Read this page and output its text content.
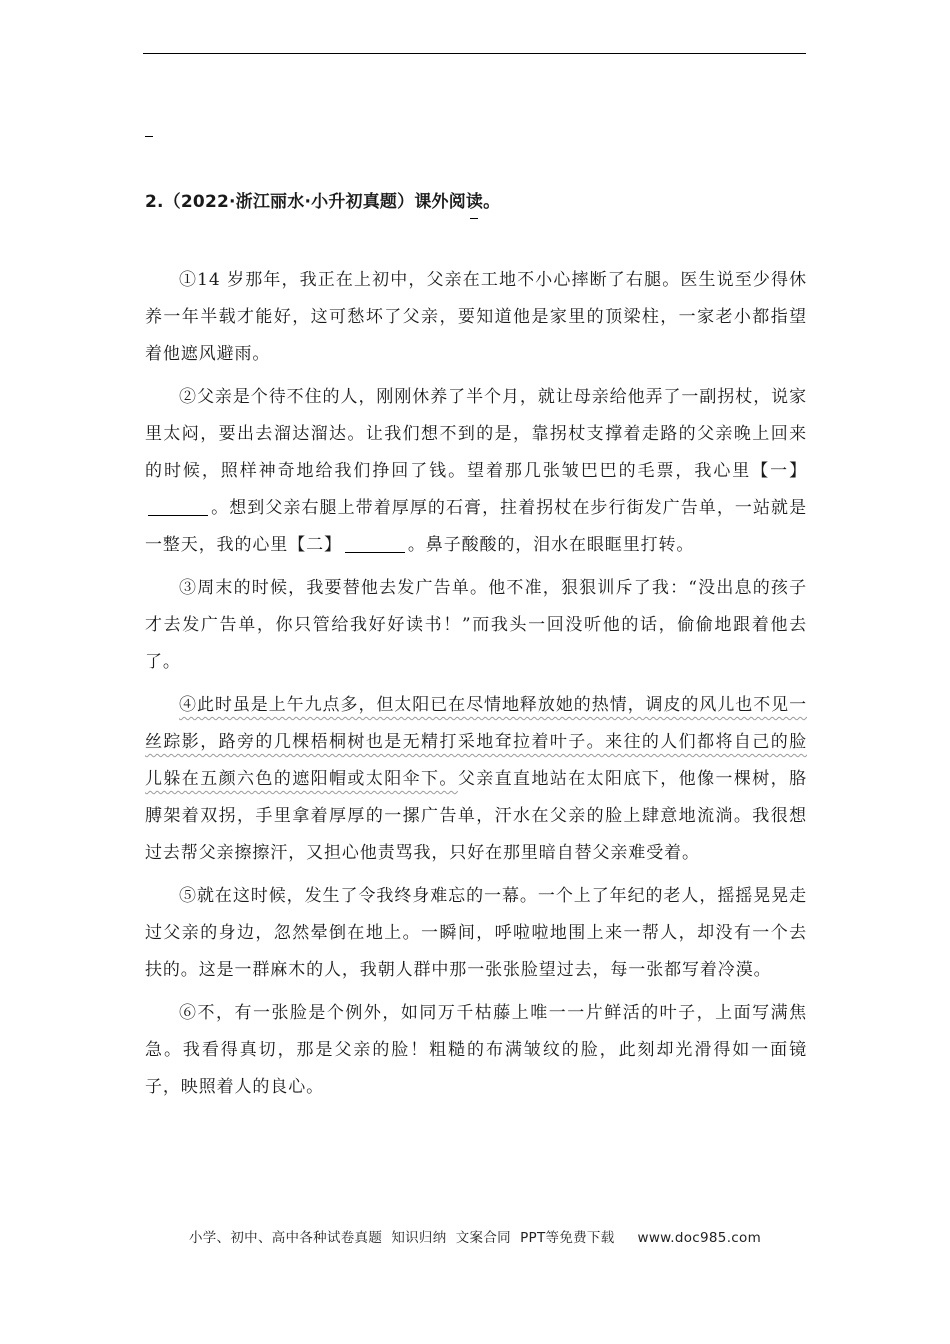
2.（2022·浙江丽水·小升初真题）课外阅读。

①14 岁那年，我正在上初中，父亲在工地不小心摔断了右腿。医生说至少得休养一年半载才能好，这可愁坏了父亲，要知道他是家里的顶梁柱，一家老小都指望着他遮风避雨。

②父亲是个待不住的人，刚刚休养了半个月，就让母亲给他弄了一副拐杖，说家里太闷，要出去溜达溜达。让我们想不到的是，靠拐杖支撑着走路的父亲晚上回来的时候，照样神奇地给我们挣回了钱。望着那几张皱巴巴的毛票，我心里【一】。想到父亲右腿上带着厚厚的石膏，拄着拐杖在步行街发广告单，一站就是一整天，我的心里【二】	。鼻子酸酸的，泪水在眼眶里打转。

③周末的时候，我要替他去发广告单。他不准，狠狠训斥了我：“没出息的孩子才去发广告单，你只管给我好好读书！”而我头一回没听他的话，偷偷地跟着他去了。

④此时虽是上午九点多，但太阳已在尽情地释放她的热情，调皮的风儿也不见一丝踪影，路旁的几棵梧桐树也是无精打采地耷拉着叶子。来往的人们都将自己的脸儿躲在五颜六色的遮阳帽或太阳伞下。父亲直直地站在太阳底下，他像一棵树，胳膊架着双拐，手里拿着厚厚的一摞广告单，汗水在父亲的脸上肆意地流淌。我很想过去帮父亲擦擦汗，又担心他责骂我，只好在那里暗自替父亲难受着。

⑤就在这时候，发生了令我终身难忘的一幕。一个上了年纪的老人，摇摇晃晃走过父亲的身边，忽然晕倒在地上。一瞬间，呼啦啦地围上来一帮人，却没有一个去扶的。这是一群麻木的人，我朝人群中那一张张脸望过去，每一张都写着冷漠。

⑥不，有一张脸是个例外，如同万千枯藤上唯一一片鲜活的叶子，上面写满焦急。我看得真切，那是父亲的脸！粗糙的布满皱纹的脸，此刻却光滑得如一面镜子，映照着人的良心。

小学、初中、高中各种试卷真题  知识归纳  文案合同  PPT等免费下载 www.doc985.com
